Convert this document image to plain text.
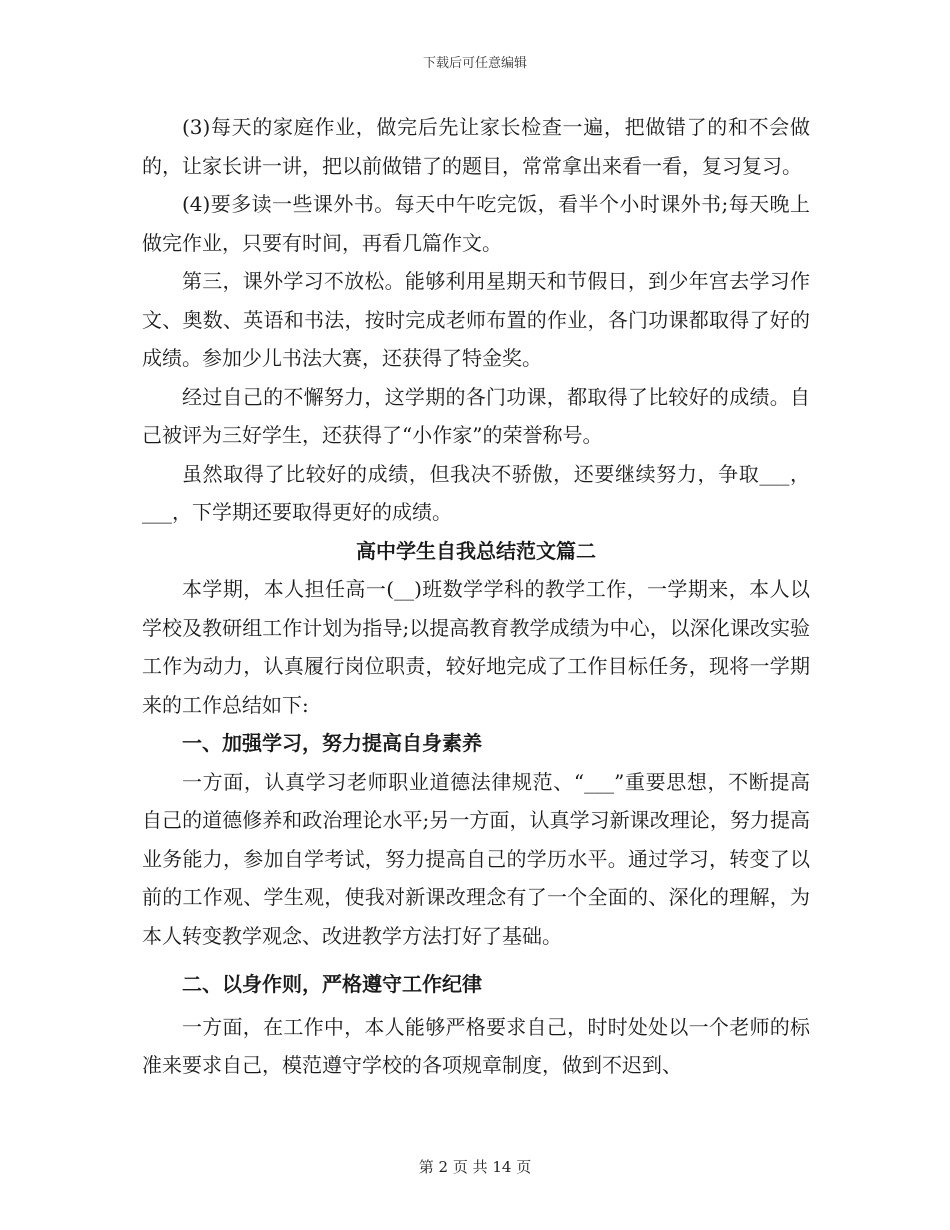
下载后可任意编辑

(3)每天的家庭作业，做完后先让家长检查一遍，把做错了的和不会做的，让家长讲一讲，把以前做错了的题目，常常拿出来看一看，复习复习。

(4)要多读一些课外书。每天中午吃完饭，看半个小时课外书;每天晚上做完作业，只要有时间，再看几篇作文。

第三，课外学习不放松。能够利用星期天和节假日，到少年宫去学习作文、奥数、英语和书法，按时完成老师布置的作业，各门功课都取得了好的成绩。参加少儿书法大赛，还获得了特金奖。

经过自己的不懈努力，这学期的各门功课，都取得了比较好的成绩。自己被评为三好学生，还获得了“小作家”的荣誉称号。

虽然取得了比较好的成绩，但我决不骄傲，还要继续努力，争取___，___，下学期还要取得更好的成绩。

高中学生自我总结范文篇二

本学期，本人担任高一(__)班数学学科的教学工作，一学期来，本人以学校及教研组工作计划为指导;以提高教育教学成绩为中心，以深化课改实验工作为动力，认真履行岗位职责，较好地完成了工作目标任务，现将一学期来的工作总结如下:

一、加强学习，努力提高自身素养

一方面，认真学习老师职业道德法律规范、“___”重要思想，不断提高自己的道德修养和政治理论水平;另一方面，认真学习新课改理论，努力提高业务能力，参加自学考试，努力提高自己的学历水平。通过学习，转变了以前的工作观、学生观，使我对新课改理念有了一个全面的、深化的理解，为本人转变教学观念、改进教学方法打好了基础。

二、以身作则，严格遵守工作纪律

一方面，在工作中，本人能够严格要求自己，时时处处以一个老师的标准来要求自己，模范遵守学校的各项规章制度，做到不迟到、

第 2 页 共 14 页
